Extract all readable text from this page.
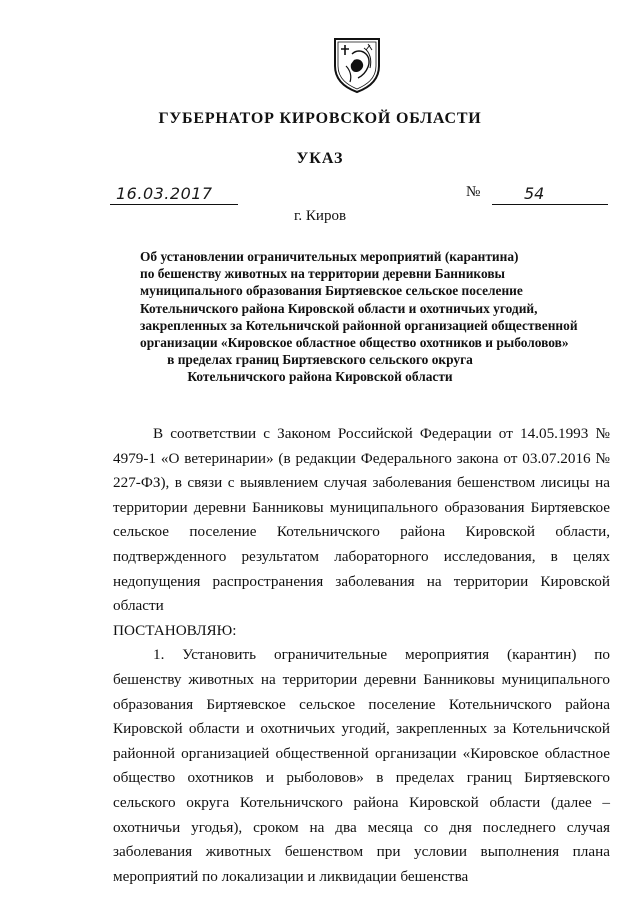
ГУБЕРНАТОР КИРОВСКОЙ ОБЛАСТИ
УКАЗ
16.03.2017	№	54
г. Киров
Об установлении ограничительных мероприятий (карантина)
по бешенству животных на территории деревни Банниковы
муниципального образования Биртяевское сельское поселение
Котельничского района Кировской области и охотничьих угодий,
закрепленных за Котельничской районной организацией общественной
организации «Кировское областное общество охотников и рыболовов»
в пределах границ Биртяевского сельского округа
Котельничского района Кировской области

В соответствии с Законом Российской Федерации от 14.05.1993 № 4979-1 «О ветеринарии» (в редакции Федерального закона от 03.07.2016 № 227-ФЗ), в связи с выявлением случая заболевания бешенством лисицы на территории деревни Банниковы муниципального образования Биртяевское сельское поселение Котельничского района Кировской области, подтвержденного результатом лабораторного исследования, в целях недопущения распространения заболевания на территории Кировской области

ПОСТАНОВЛЯЮ:

1. Установить ограничительные мероприятия (карантин) по бешенству животных на территории деревни Банниковы муниципального образования Биртяевское сельское поселение Котельничского района Кировской области и охотничьих угодий, закрепленных за Котельничской районной организацией общественной организации «Кировское областное общество охотников и рыболовов» в пределах границ Биртяевского сельского округа Котельничского района Кировской области (далее – охотничьи угодья), сроком на два месяца со дня последнего случая заболевания животных бешенством при условии выполнения плана мероприятий по локализации и ликвидации бешенства
